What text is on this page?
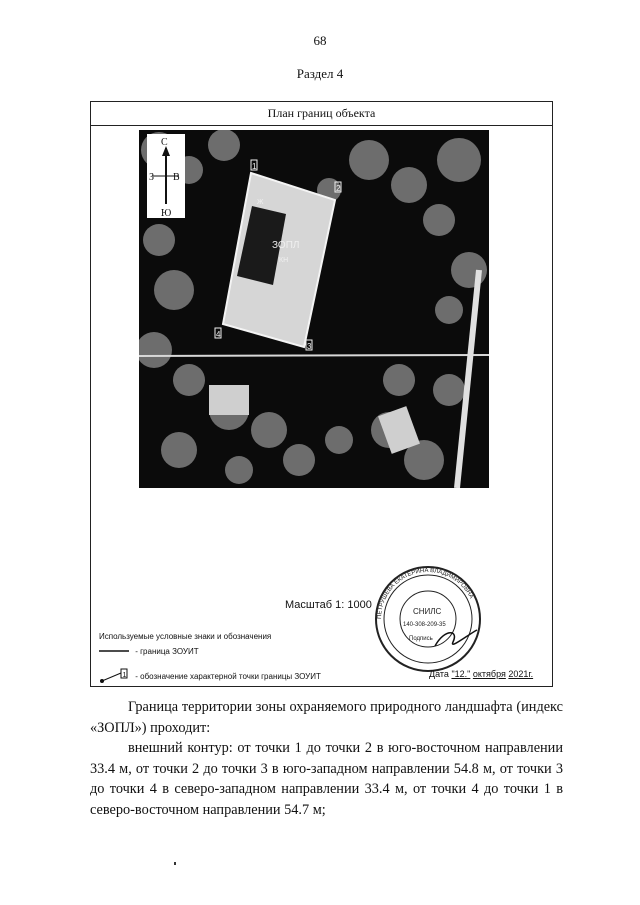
68
Раздел 4
План границ объекта
1
2
3
4
Ж
ЗОПЛ
КН
С
Ю
З В
Масштаб 1: 1000
ПЕТРУШЕВА ЕКАТЕРИНА ВЛАДИМИРОВНА
СНИЛС
140-308-209-35
Подпись
Используемые условные знаки и обозначения
- граница ЗОУИТ
1 - обозначение характерной точки границы ЗОУИТ	Дата "12." октября 2021г.

Граница территории зоны охраняемого природного ландшафта (индекс «ЗОПЛ») проходит:

внешний контур: от точки 1 до точки 2 в юго-восточном направлении 33.4 м, от точки 2 до точки 3 в юго-западном направлении 54.8 м, от точки 3 до точки 4 в северо-западном направлении 33.4 м, от точки 4 до точки 1 в северо-восточном направлении 54.7 м;
